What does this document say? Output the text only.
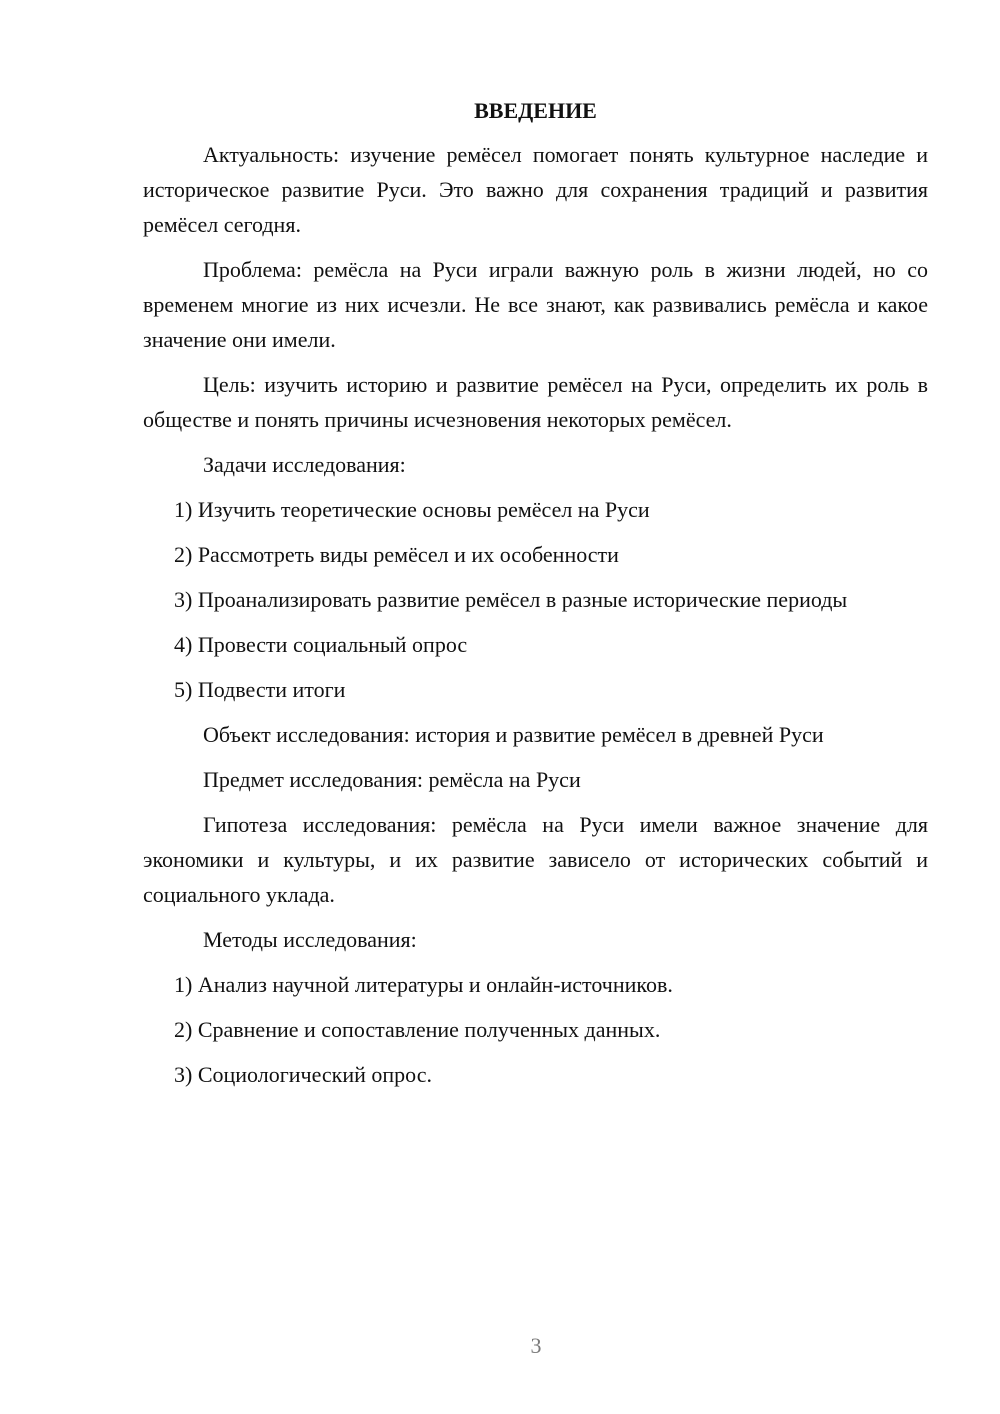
ВВЕДЕНИЕ

Актуальность: изучение ремёсел помогает понять культурное наследие и историческое развитие Руси. Это важно для сохранения традиций и развития ремёсел сегодня.

Проблема: ремёсла на Руси играли важную роль в жизни людей, но со временем многие из них исчезли. Не все знают, как развивались ремёсла и какое значение они имели.

Цель: изучить историю и развитие ремёсел на Руси, определить их роль в обществе и понять причины исчезновения некоторых ремёсел.

Задачи исследования:

1) Изучить теоретические основы ремёсел на Руси

2) Рассмотреть виды ремёсел и их особенности

3) Проанализировать развитие ремёсел в разные исторические периоды

4) Провести социальный опрос

5) Подвести итоги

Объект исследования: история и развитие ремёсел в древней Руси

Предмет исследования: ремёсла на Руси

Гипотеза исследования: ремёсла на Руси имели важное значение для экономики и культуры, и их развитие зависело от исторических событий и социального уклада.

Методы исследования:

1) Анализ научной литературы и онлайн-источников.

2) Сравнение и сопоставление полученных данных.

3) Социологический опрос.

3
